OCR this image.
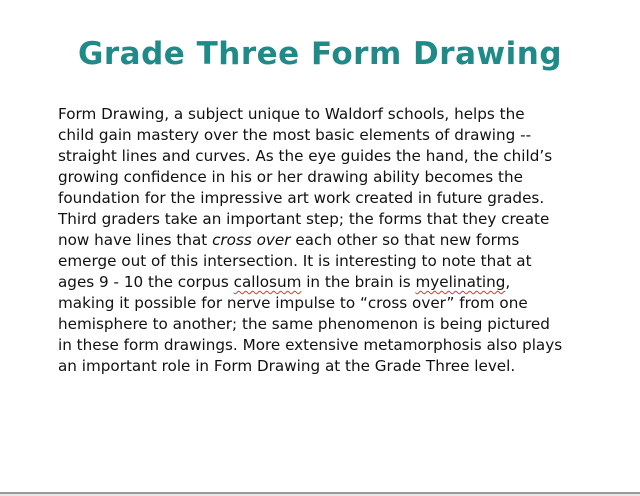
Grade Three Form Drawing

Form Drawing, a subject unique to Waldorf schools, helps the
child gain mastery over the most basic elements of drawing --
straight lines and curves. As the eye guides the hand, the child’s
growing confidence in his or her drawing ability becomes the
foundation for the impressive art work created in future grades.
Third graders take an important step; the forms that they create
now have lines that cross over each other so that new forms
emerge out of this intersection. It is interesting to note that at
ages 9 - 10 the corpus callosum in the brain is myelinating,
making it possible for nerve impulse to “cross over” from one
hemisphere to another; the same phenomenon is being pictured
in these form drawings. More extensive metamorphosis also plays
an important role in Form Drawing at the Grade Three level.
